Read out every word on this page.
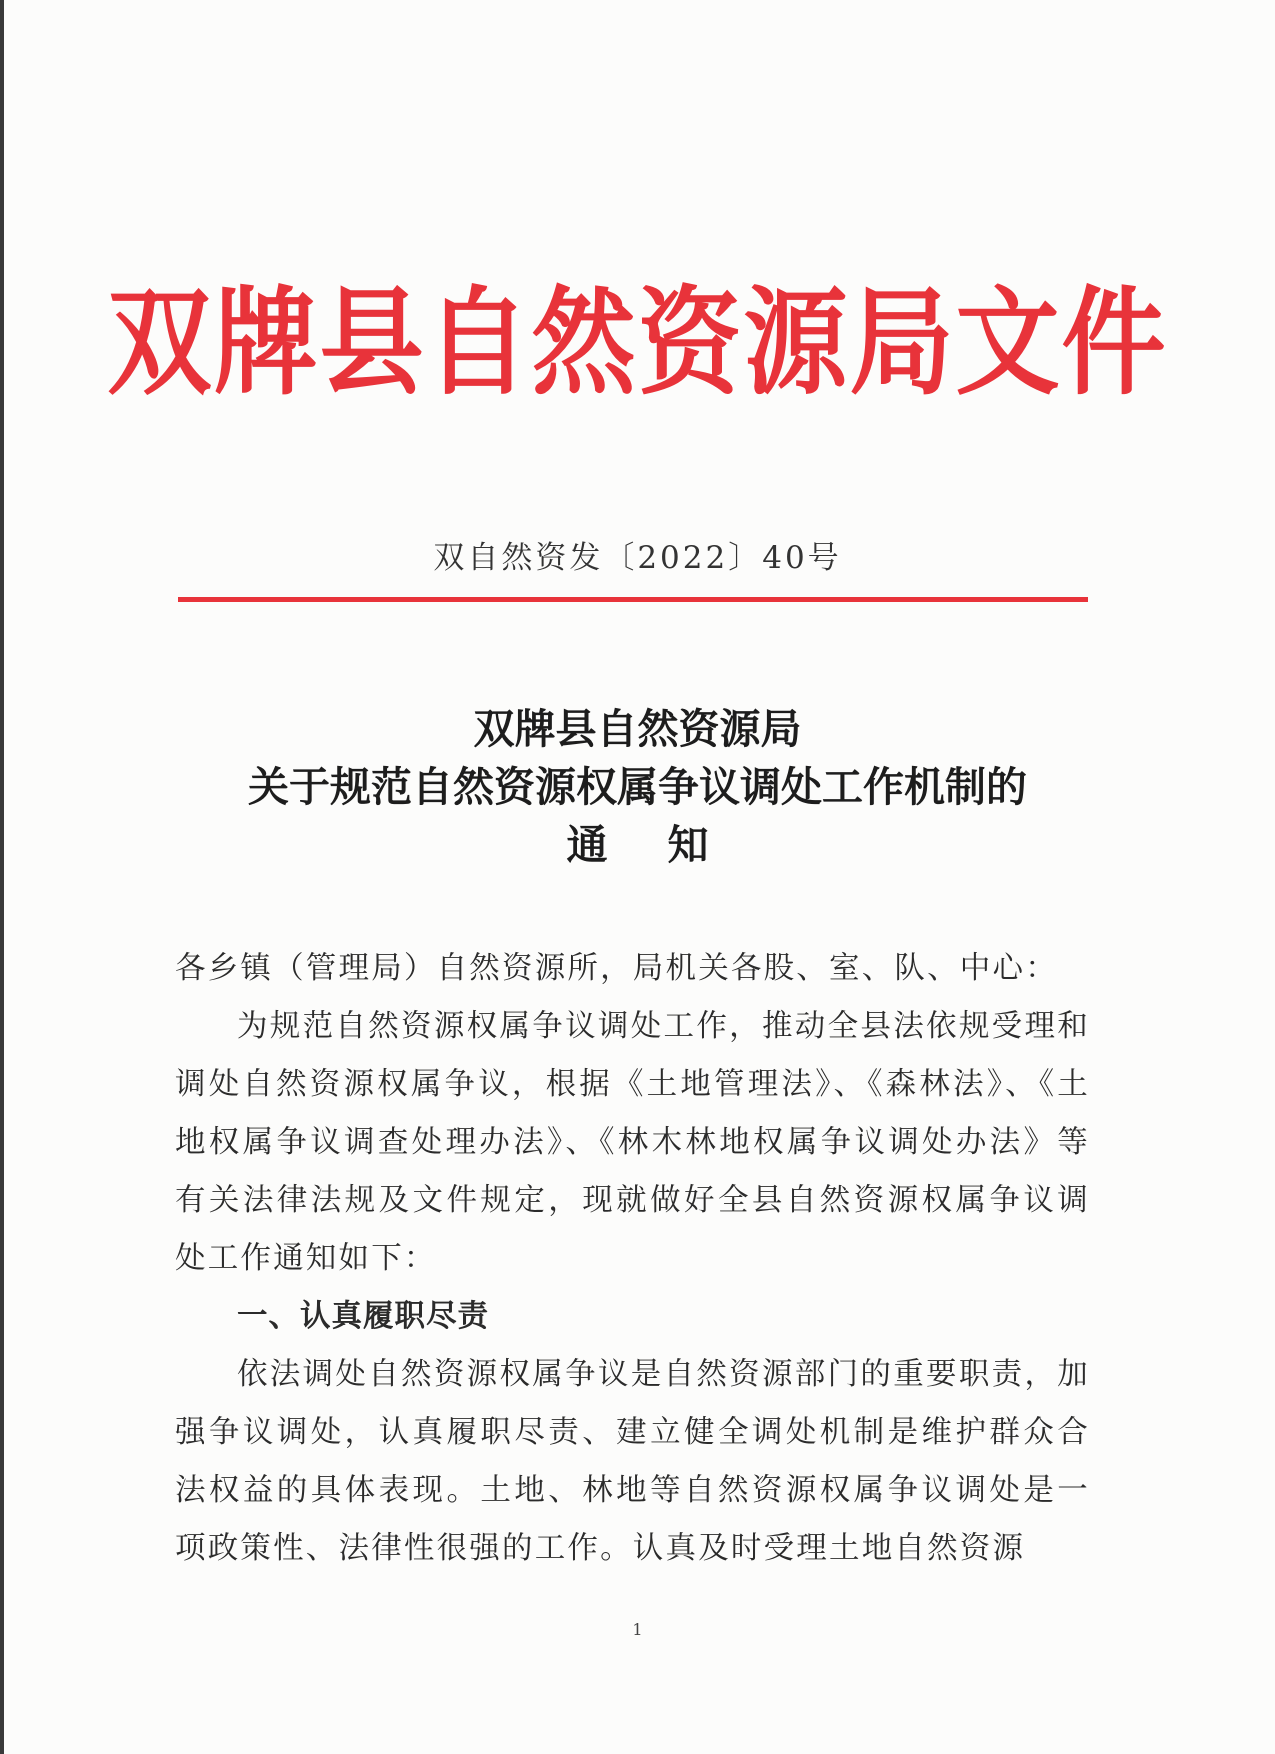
双牌县自然资源局文件
双自然资发〔2022〕40号
双牌县自然资源局
关于规范自然资源权属争议调处工作机制的
通知

各乡镇（管理局）自然资源所，局机关各股、室、队、中心：

为规范自然资源权属争议调处工作，推动全县法依规受理和调处自然资源权属争议，根据《土地管理法》、《森林法》、《土地权属争议调查处理办法》、《林木林地权属争议调处办法》等有关法律法规及文件规定，现就做好全县自然资源权属争议调处工作通知如下：

一、认真履职尽责

依法调处自然资源权属争议是自然资源部门的重要职责，加强争议调处，认真履职尽责、建立健全调处机制是维护群众合法权益的具体表现。土地、林地等自然资源权属争议调处是一项政策性、法律性很强的工作。认真及时受理土地自然资源

1
